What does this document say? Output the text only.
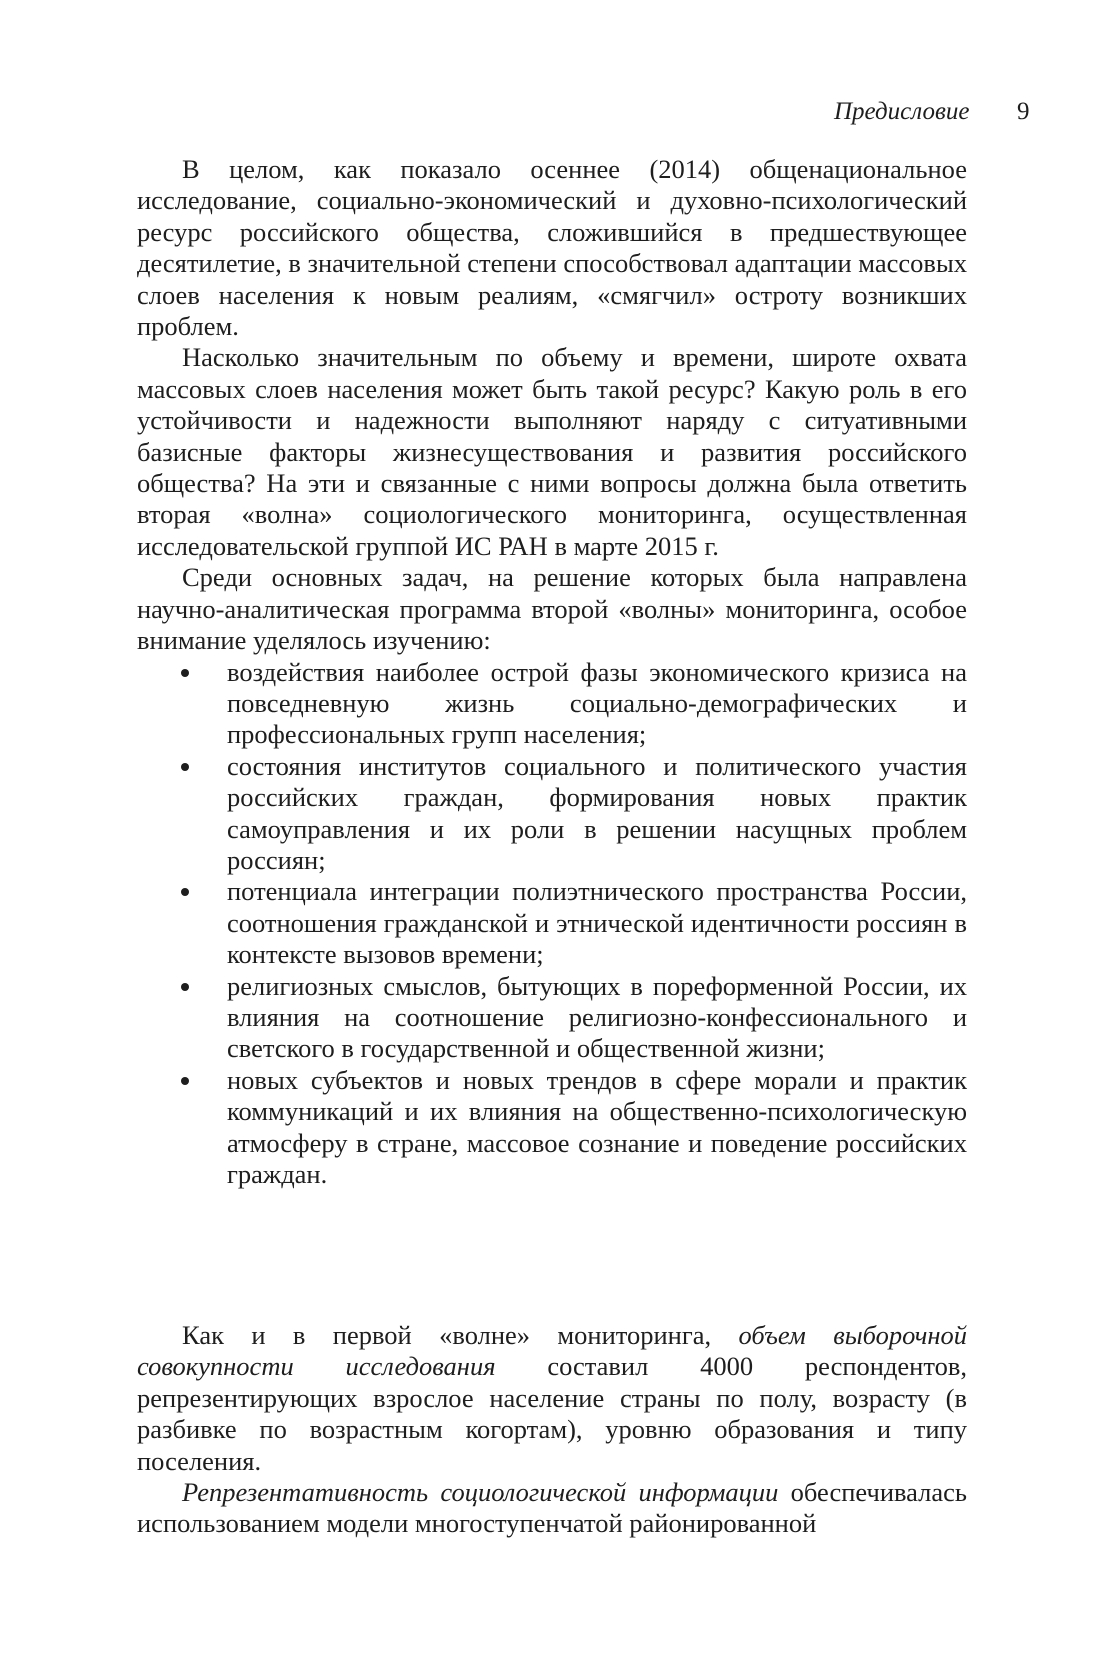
Предисловие 9

В целом, как показало осеннее (2014) общенациональное исследование, социально-экономический и духовно-психологический ресурс российского общества, сложившийся в предшествующее десятилетие, в значительной степени способствовал адаптации массовых слоев населения к новым реалиям, «смягчил» остроту возникших проблем.

Насколько значительным по объему и времени, широте охвата массовых слоев населения может быть такой ресурс? Какую роль в его устойчивости и надежности выполняют наряду с ситуативными базисные факторы жизнесуществования и развития российского общества? На эти и связанные с ними вопросы должна была ответить вторая «волна» социологического мониторинга, осуществленная исследовательской группой ИС РАН в марте 2015 г.

Среди основных задач, на решение которых была направлена научно-аналитическая программа второй «волны» мониторинга, особое внимание уделялось изучению:

воздействия наиболее острой фазы экономического кризиса на повседневную жизнь социально-демографических и профессиональных групп населения;
состояния институтов социального и политического участия российских граждан, формирования новых практик самоуправления и их роли в решении насущных проблем россиян;
потенциала интеграции полиэтнического пространства России, соотношения гражданской и этнической идентичности россиян в контексте вызовов времени;
религиозных смыслов, бытующих в пореформенной России, их влияния на соотношение религиозно-конфессионального и светского в государственной и общественной жизни;
новых субъектов и новых трендов в сфере морали и практик коммуникаций и их влияния на общественно-психологическую атмосферу в стране, массовое сознание и поведение российских граждан.

Как и в первой «волне» мониторинга, объем выборочной совокупности исследования составил 4000 респондентов, репрезентирующих взрослое население страны по полу, возрасту (в разбивке по возрастным когортам), уровню образования и типу поселения.

Репрезентативность социологической информации обеспечивалась использованием модели многоступенчатой районированной
